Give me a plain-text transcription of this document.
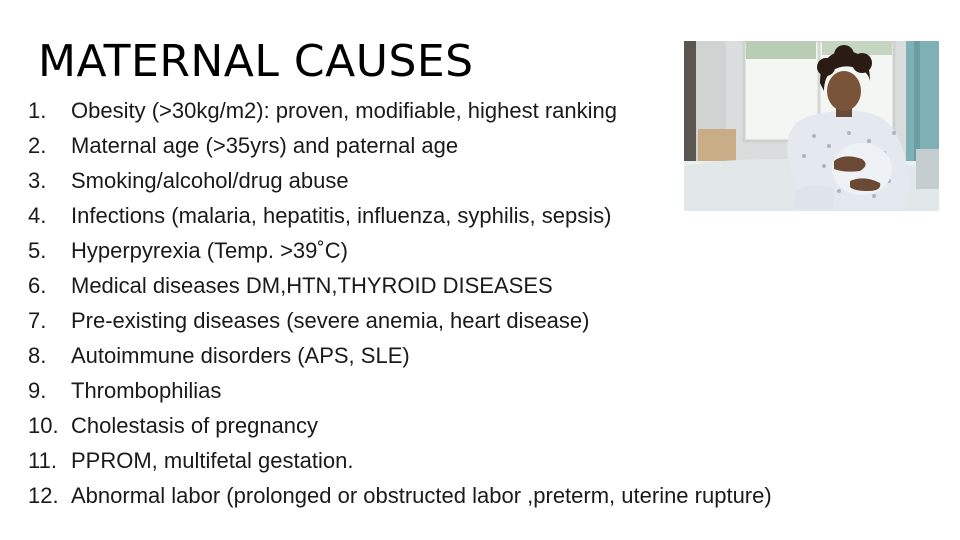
MATERNAL CAUSES
1.	Obesity (>30kg/m2): proven, modifiable, highest ranking
2.	Maternal age (>35yrs) and paternal age
3.	Smoking/alcohol/drug abuse
4.	Infections (malaria, hepatitis, influenza, syphilis, sepsis)
5.	Hyperpyrexia (Temp. >39˚C)
6.	Medical diseases DM,HTN,THYROID DISEASES
7.	Pre-existing diseases (severe anemia, heart disease)
8.	Autoimmune disorders (APS, SLE)
9.	Thrombophilias
10. Cholestasis of pregnancy
11. PPROM, multifetal gestation.
12. Abnormal labor (prolonged or obstructed labor ,preterm, uterine rupture)
